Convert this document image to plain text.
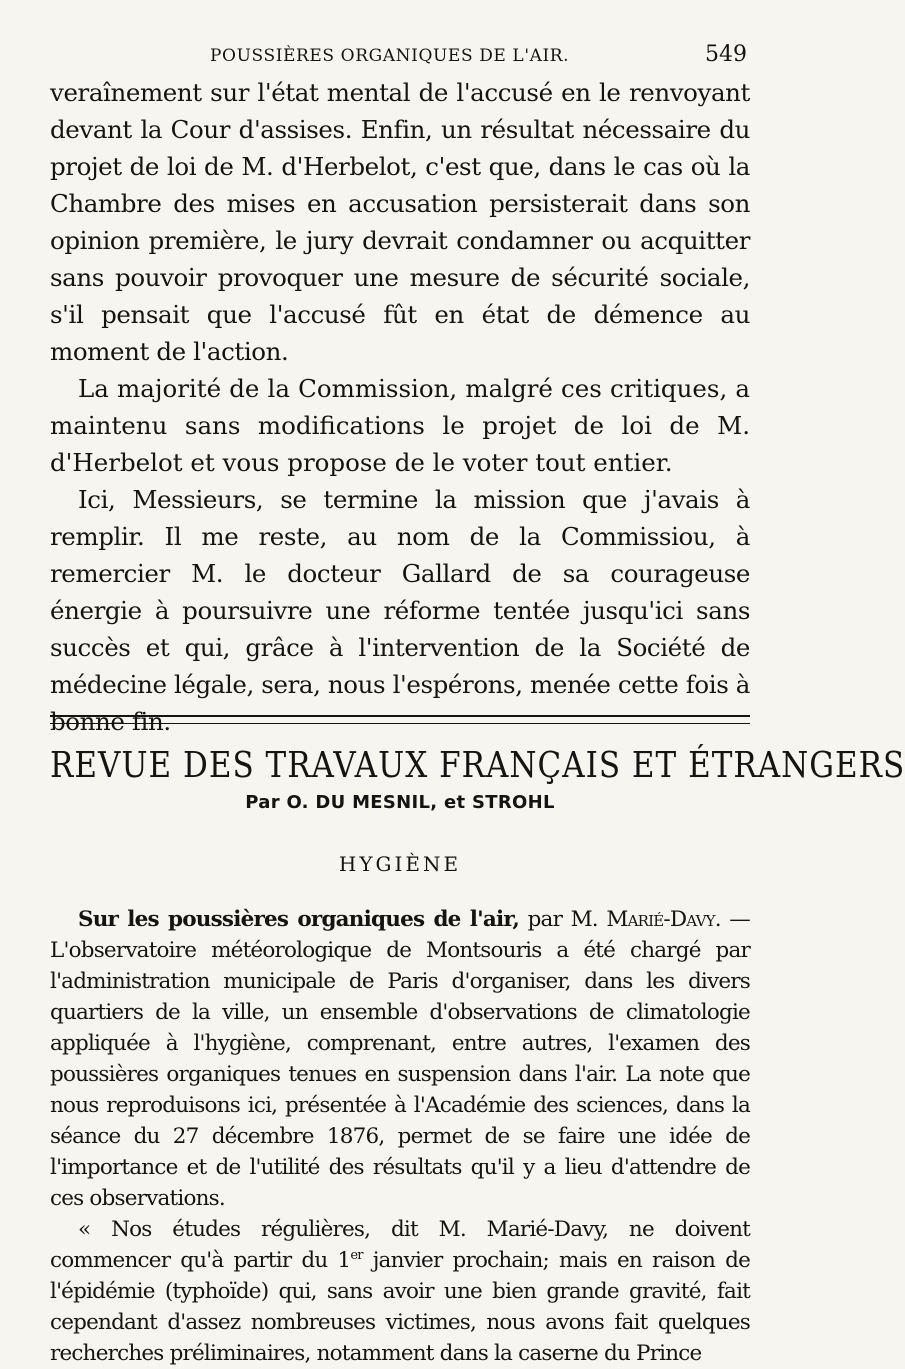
POUSSIÈRES ORGANIQUES DE L'AIR.	549

veraînement sur l'état mental de l'accusé en le renvoyant devant la Cour d'assises. Enfin, un résultat nécessaire du projet de loi de M. d'Herbelot, c'est que, dans le cas où la Chambre des mises en accusation persisterait dans son opinion première, le jury devrait condamner ou acquitter sans pouvoir provoquer une mesure de sécurité sociale, s'il pensait que l'accusé fût en état de démence au moment de l'action.

La majorité de la Commission, malgré ces critiques, a maintenu sans modifications le projet de loi de M. d'Herbelot et vous propose de le voter tout entier.

Ici, Messieurs, se termine la mission que j'avais à remplir. Il me reste, au nom de la Commissiou, à remercier M. le docteur Gallard de sa courageuse énergie à poursuivre une réforme tentée jusqu'ici sans succès et qui, grâce à l'intervention de la Société de médecine légale, sera, nous l'espérons, menée cette fois à bonne fin.

REVUE DES TRAVAUX FRANÇAIS ET ÉTRANGERS
Par O. DU MESNIL, et STROHL
HYGIÈNE

Sur les poussières organiques de l'air, par M. Marié-Davy. — L'observatoire météorologique de Montsouris a été chargé par l'administration municipale de Paris d'organiser, dans les divers quartiers de la ville, un ensemble d'observations de climatologie appliquée à l'hygiène, comprenant, entre autres, l'examen des poussières organiques tenues en suspension dans l'air. La note que nous reproduisons ici, présentée à l'Académie des sciences, dans la séance du 27 décembre 1876, permet de se faire une idée de l'importance et de l'utilité des résultats qu'il y a lieu d'attendre de ces observations.

« Nos études régulières, dit M. Marié-Davy, ne doivent commencer qu'à partir du 1er janvier prochain; mais en raison de l'épidémie (typhoïde) qui, sans avoir une bien grande gravité, fait cependant d'assez nombreuses victimes, nous avons fait quelques recherches préliminaires, notamment dans la caserne du Prince
